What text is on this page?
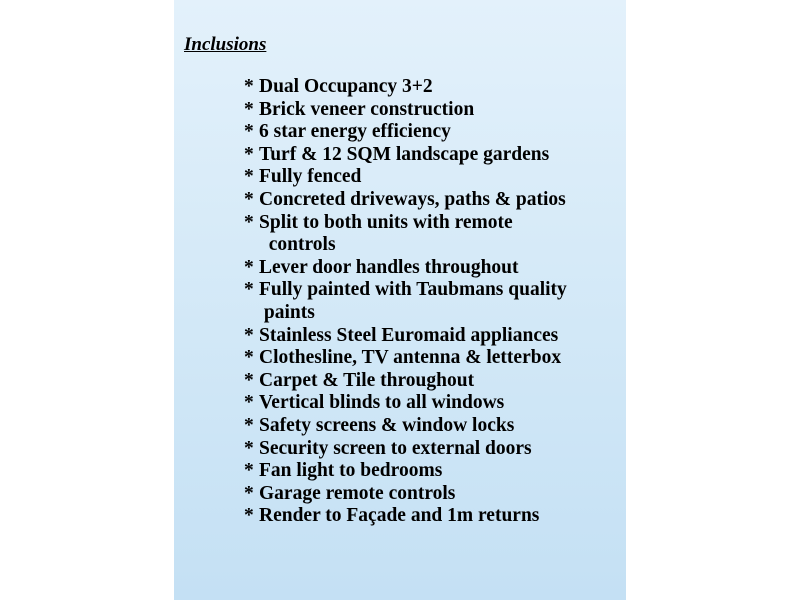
Inclusions
* Dual Occupancy 3+2
* Brick veneer construction
* 6 star energy efficiency
* Turf & 12 SQM landscape gardens
* Fully fenced
* Concreted driveways, paths & patios
* Split to both units with remote
controls
* Lever door handles throughout
* Fully painted with Taubmans quality
paints
* Stainless Steel Euromaid appliances
* Clothesline, TV antenna & letterbox
* Carpet & Tile throughout
* Vertical blinds to all windows
* Safety screens & window locks
* Security screen to external doors
* Fan light to bedrooms
* Garage remote controls
* Render to Façade and 1m returns
